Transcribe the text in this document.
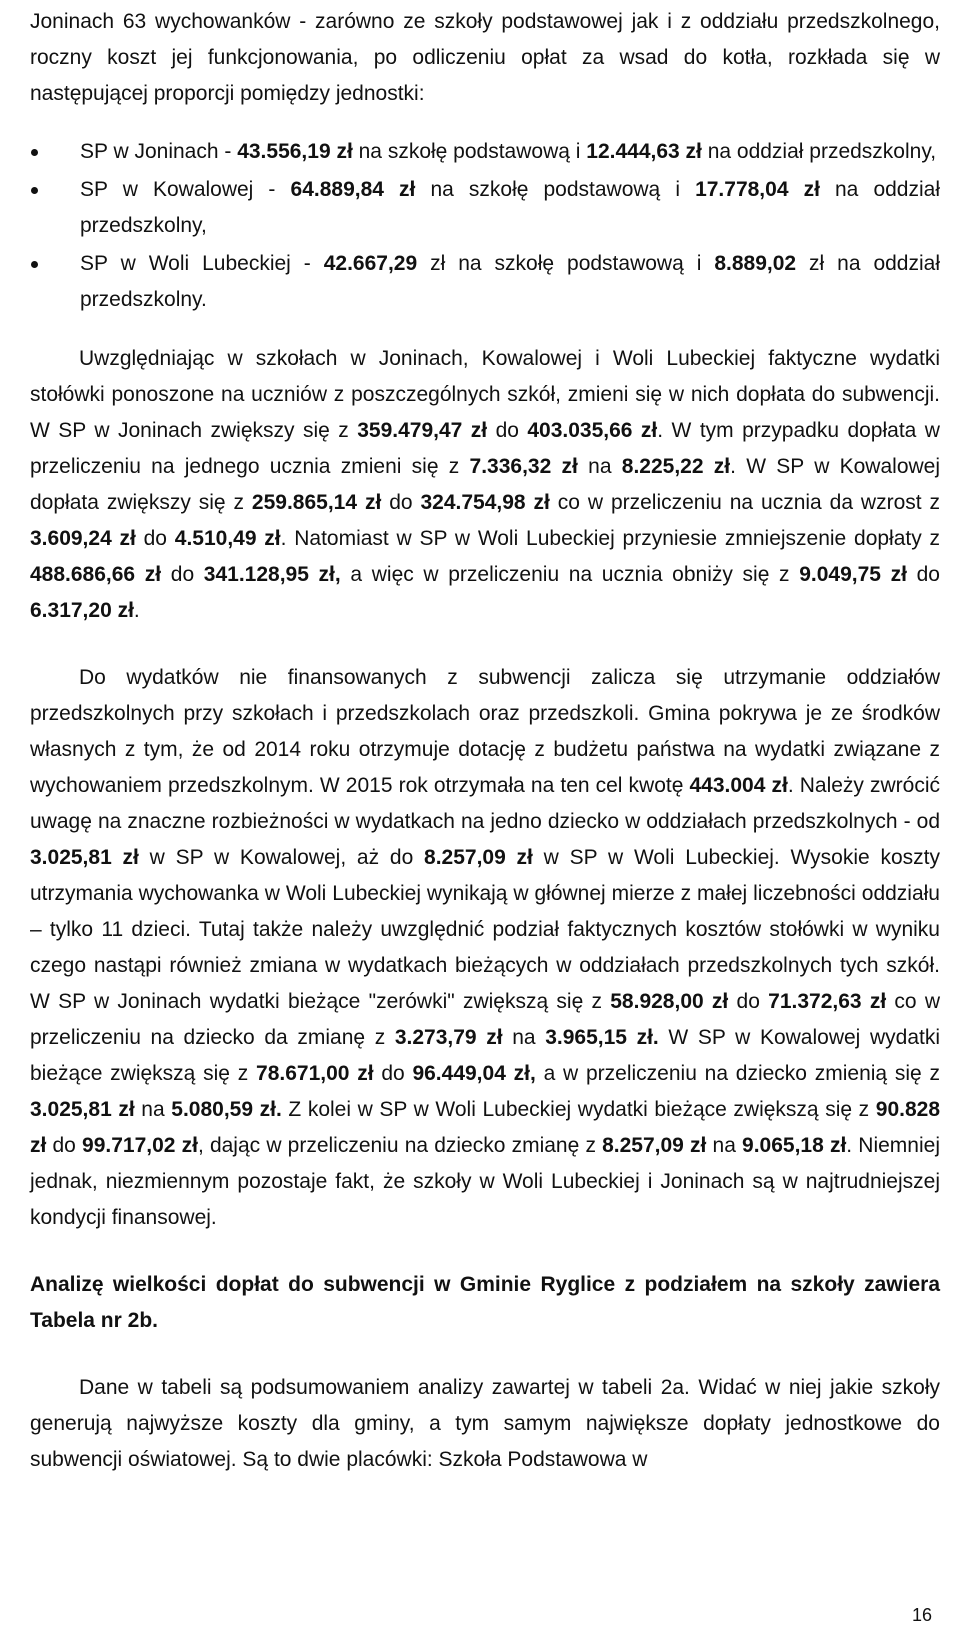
Joninach 63 wychowanków - zarówno ze szkoły podstawowej jak i z oddziału przedszkolnego, roczny koszt jej funkcjonowania, po odliczeniu opłat za wsad do kotła, rozkłada się w następującej proporcji pomiędzy jednostki:

SP w Joninach - 43.556,19 zł na szkołę podstawową i 12.444,63 zł na oddział przedszkolny,
SP w Kowalowej - 64.889,84 zł na szkołę podstawową i 17.778,04 zł na oddział przedszkolny,
SP w Woli Lubeckiej - 42.667,29 zł na szkołę podstawową i 8.889,02 zł na oddział przedszkolny.

Uwzględniając w szkołach w Joninach, Kowalowej i Woli Lubeckiej faktyczne wydatki stołówki ponoszone na uczniów z poszczególnych szkół, zmieni się w nich dopłata do subwencji. W SP w Joninach zwiększy się z 359.479,47 zł do 403.035,66 zł. W tym przypadku dopłata w przeliczeniu na jednego ucznia zmieni się z 7.336,32 zł na 8.225,22 zł. W SP w Kowalowej dopłata zwiększy się z 259.865,14 zł do 324.754,98 zł co w przeliczeniu na ucznia da wzrost z 3.609,24 zł do 4.510,49 zł. Natomiast w SP w Woli Lubeckiej przyniesie zmniejszenie dopłaty z 488.686,66 zł do 341.128,95 zł, a więc w przeliczeniu na ucznia obniży się z 9.049,75 zł do 6.317,20 zł.

Do wydatków nie finansowanych z subwencji zalicza się utrzymanie oddziałów przedszkolnych przy szkołach i przedszkolach oraz przedszkoli. Gmina pokrywa je ze środków własnych z tym, że od 2014 roku otrzymuje dotację z budżetu państwa na wydatki związane z wychowaniem przedszkolnym. W 2015 rok otrzymała na ten cel kwotę 443.004 zł. Należy zwrócić uwagę na znaczne rozbieżności w wydatkach na jedno dziecko w oddziałach przedszkolnych - od 3.025,81 zł w SP w Kowalowej, aż do 8.257,09 zł w SP w Woli Lubeckiej. Wysokie koszty utrzymania wychowanka w Woli Lubeckiej wynikają w głównej mierze z małej liczebności oddziału – tylko 11 dzieci. Tutaj także należy uwzględnić podział faktycznych kosztów stołówki w wyniku czego nastąpi również zmiana w wydatkach bieżących w oddziałach przedszkolnych tych szkół. W SP w Joninach wydatki bieżące "zerówki" zwiększą się z 58.928,00 zł do 71.372,63 zł co w przeliczeniu na dziecko da zmianę z 3.273,79 zł na 3.965,15 zł. W SP w Kowalowej wydatki bieżące zwiększą się z 78.671,00 zł do 96.449,04 zł, a w przeliczeniu na dziecko zmienią się z 3.025,81 zł na 5.080,59 zł. Z kolei w SP w Woli Lubeckiej wydatki bieżące zwiększą się z 90.828 zł do 99.717,02 zł, dając w przeliczeniu na dziecko zmianę z 8.257,09 zł na 9.065,18 zł. Niemniej jednak, niezmiennym pozostaje fakt, że szkoły w Woli Lubeckiej i Joninach są w najtrudniejszej kondycji finansowej.

Analizę wielkości dopłat do subwencji w Gminie Ryglice z podziałem na szkoły zawiera Tabela nr 2b.

Dane w tabeli są podsumowaniem analizy zawartej w tabeli 2a. Widać w niej jakie szkoły generują najwyższe koszty dla gminy, a tym samym największe dopłaty jednostkowe do subwencji oświatowej. Są to dwie placówki: Szkoła Podstawowa w

16
